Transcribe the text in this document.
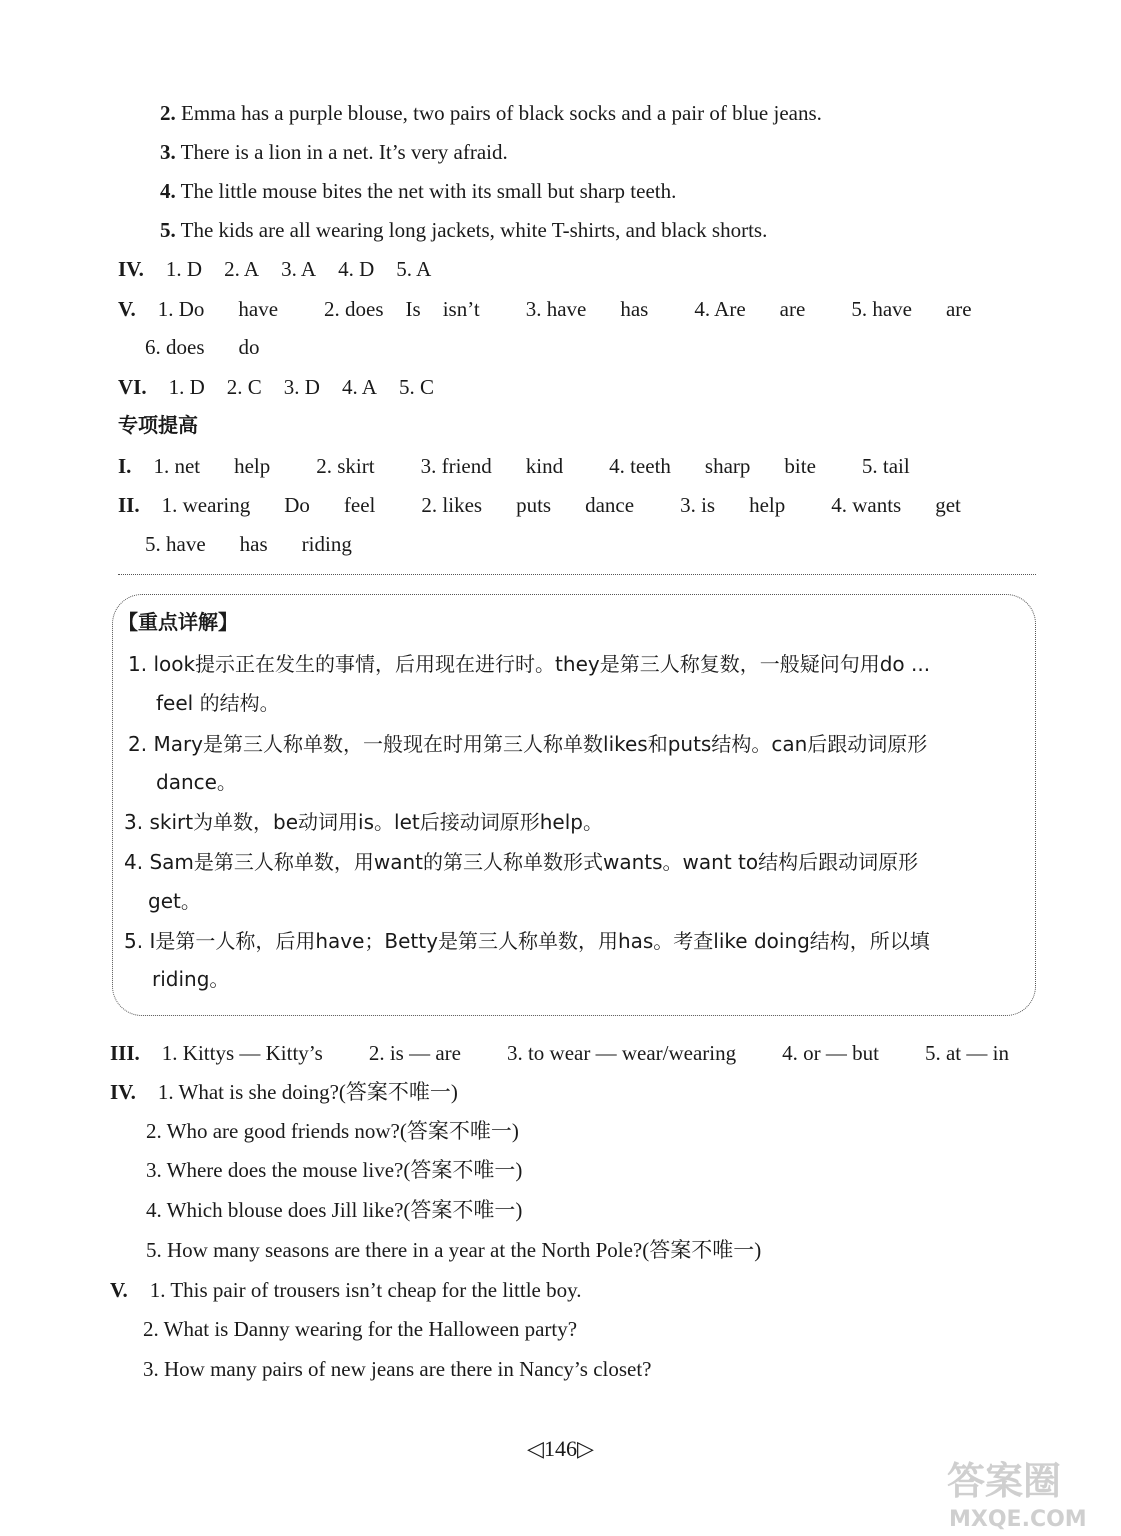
2. Emma has a purple blouse, two pairs of black socks and a pair of blue jeans.
3. There is a lion in a net. It’s very afraid.
4. The little mouse bites the net with its small but sharp teeth.
5. The kids are all wearing long jackets, white T-shirts, and black shorts.
IV. 1. D 2. A 3. A 4. D 5. A
V. 1. Do have 2. does Is isn’t 3. have has 4. Are are 5. have are
6. does do
VI. 1. D 2. C 3. D 4. A 5. C
专项提高
I. 1. net help 2. skirt 3. friend kind 4. teeth sharp bite 5. tail
II. 1. wearing Do feel 2. likes puts dance 3. is help 4. wants get
5. have has riding
【重点详解】
1. look提示正在发生的事情，后用现在进行时。they是第三人称复数，一般疑问句用do ...
feel 的结构。
2. Mary是第三人称单数，一般现在时用第三人称单数likes和puts结构。can后跟动词原形
dance。
3. skirt为单数，be动词用is。let后接动词原形help。
4. Sam是第三人称单数，用want的第三人称单数形式wants。want to结构后跟动词原形
get。
5. I是第一人称，后用have；Betty是第三人称单数，用has。考查like doing结构，所以填
riding。
III. 1. Kittys — Kitty’s 2. is — are 3. to wear — wear/wearing 4. or — but 5. at — in
IV. 1. What is she doing?(答案不唯一)
2. Who are good friends now?(答案不唯一)
3. Where does the mouse live?(答案不唯一)
4. Which blouse does Jill like?(答案不唯一)
5. How many seasons are there in a year at the North Pole?(答案不唯一)
V. 1. This pair of trousers isn’t cheap for the little boy.
2. What is Danny wearing for the Halloween party?
3. How many pairs of new jeans are there in Nancy’s closet?
◁146▷
答案圈
MXQE.COM
